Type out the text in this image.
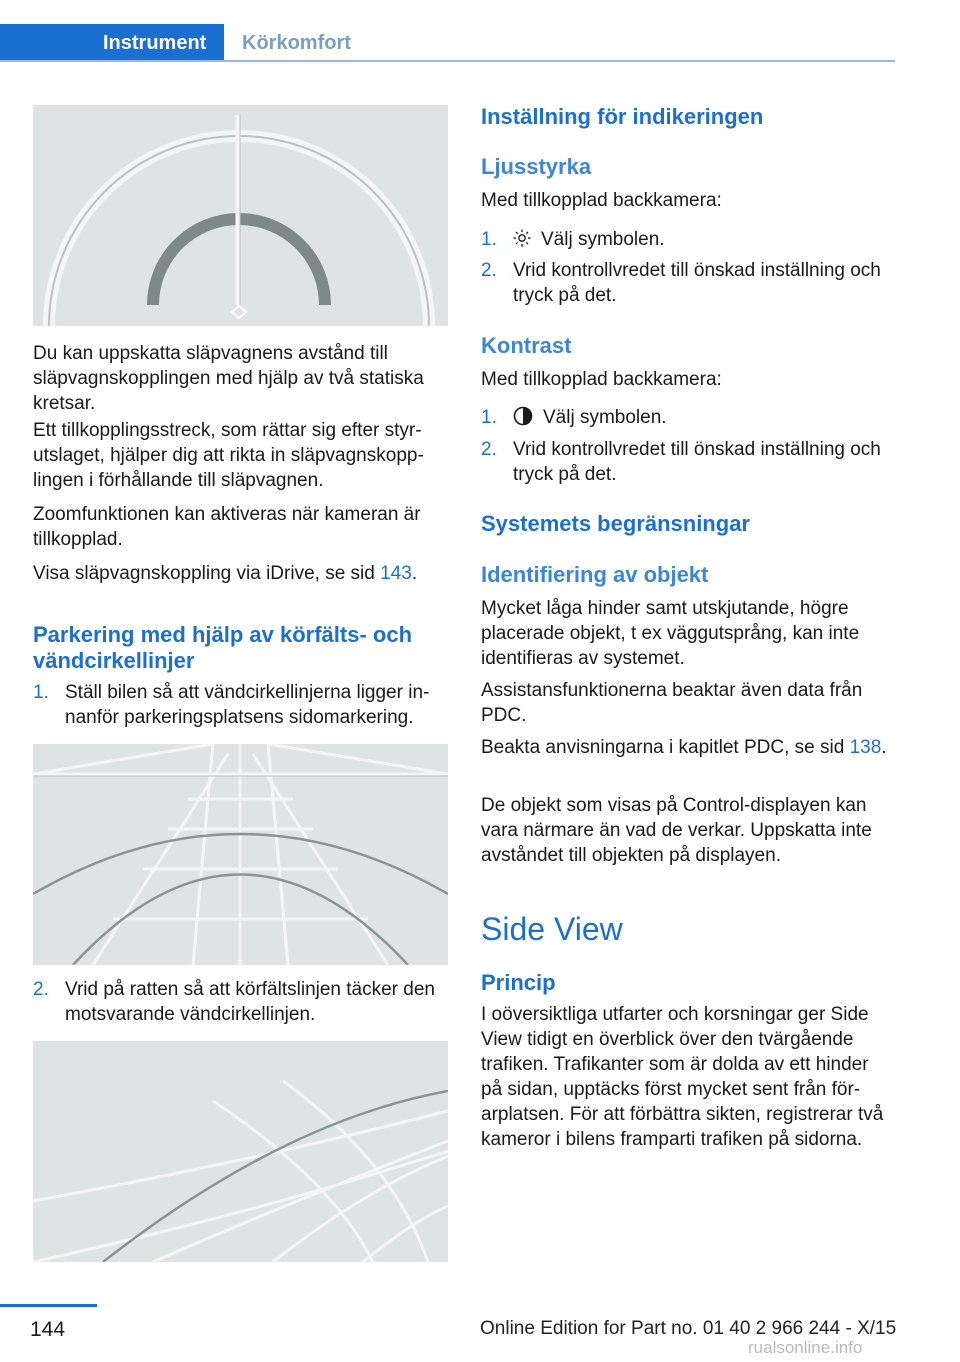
Instrument	Körkomfort

Du kan uppskatta släpvagnens avstånd till släpvagnskopplingen med hjälp av två statiska kretsar.

Ett tillkopplingsstreck, som rättar sig efter styrutslaget, hjälper dig att rikta in släpvagnskopplingen i förhållande till släpvagnen.

Zoomfunktionen kan aktiveras när kameran är tillkopplad.

Visa släpvagnskoppling via iDrive, se sid 143.

Parkering med hjälp av körfälts- och vändcirkellinjer
1. Ställ bilen så att vändcirkellinjerna ligger innanför parkeringsplatsens sidomarkering.
2. Vrid på ratten så att körfältslinjen täcker den motsvarande vändcirkellinjen.
Inställning för indikeringen
Ljusstyrka

Med tillkopplad backkamera:

1.	Välj symbolen.
2. Vrid kontrollvredet till önskad inställning och tryck på det.
Kontrast

Med tillkopplad backkamera:

1.	Välj symbolen.
2. Vrid kontrollvredet till önskad inställning och tryck på det.
Systemets begränsningar
Identifiering av objekt

Mycket låga hinder samt utskjutande, högre placerade objekt, t ex väggutsprång, kan inte identifieras av systemet.

Assistansfunktionerna beaktar även data från PDC.

Beakta anvisningarna i kapitlet PDC, se sid 138.

De objekt som visas på Control-displayen kan vara närmare än vad de verkar. Uppskatta inte avståndet till objekten på displayen.

Side View
Princip

I oöversiktliga utfarter och korsningar ger Side View tidigt en överblick över den tvärgående trafiken. Trafikanter som är dolda av ett hinder på sidan, upptäcks först mycket sent från förarplatsen. För att förbättra sikten, registrerar två kameror i bilens framparti trafiken på sidorna.

144	Online Edition for Part no. 01 40 2 966 244 - X/15
rualsonline.info
